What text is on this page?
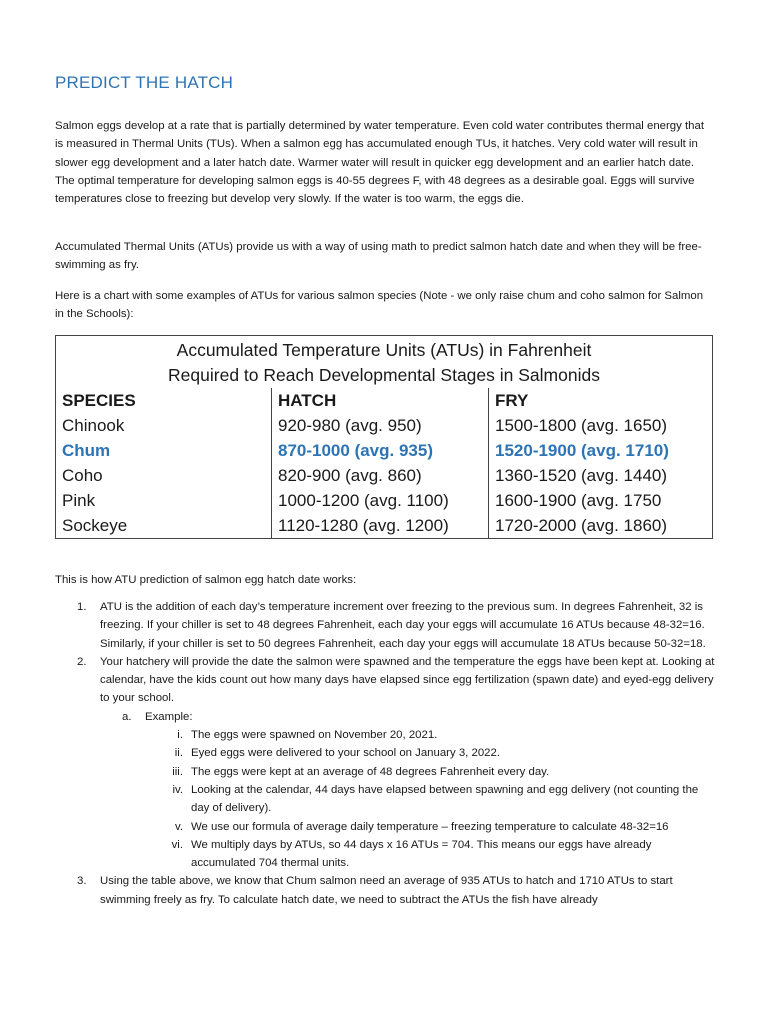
PREDICT THE HATCH

Salmon eggs develop at a rate that is partially determined by water temperature. Even cold water contributes thermal energy that is measured in Thermal Units (TUs). When a salmon egg has accumulated enough TUs, it hatches. Very cold water will result in slower egg development and a later hatch date. Warmer water will result in quicker egg development and an earlier hatch date. The optimal temperature for developing salmon eggs is 40-55 degrees F, with 48 degrees as a desirable goal. Eggs will survive temperatures close to freezing but develop very slowly. If the water is too warm, the eggs die.

Accumulated Thermal Units (ATUs) provide us with a way of using math to predict salmon hatch date and when they will be free-swimming as fry.

Here is a chart with some examples of ATUs for various salmon species (Note - we only raise chum and coho salmon for Salmon in the Schools):

Accumulated Temperature Units (ATUs) in Fahrenheit
Required to Reach Developmental Stages in Salmonids		

SPECIES	HATCH	FRY
Chinook	920-980 (avg. 950)	1500-1800 (avg. 1650)
Chum	870-1000 (avg. 935)	1520-1900 (avg. 1710)
Coho	820-900 (avg. 860)	1360-1520 (avg. 1440)
Pink	1000-1200 (avg. 1100)	1600-1900 (avg. 1750
Sockeye	1120-1280 (avg. 1200)	1720-2000 (avg. 1860)

This is how ATU prediction of salmon egg hatch date works:

1. ATU is the addition of each day’s temperature increment over freezing to the previous sum. In degrees Fahrenheit, 32 is freezing. If your chiller is set to 48 degrees Fahrenheit, each day your eggs will accumulate 16 ATUs because 48-32=16. Similarly, if your chiller is set to 50 degrees Fahrenheit, each day your eggs will accumulate 18 ATUs because 50-32=18.
2. Your hatchery will provide the date the salmon were spawned and the temperature the eggs have been kept at. Looking at calendar, have the kids count out how many days have elapsed since egg fertilization (spawn date) and eyed-egg delivery to your school.
a. Example:
i. The eggs were spawned on November 20, 2021.
ii. Eyed eggs were delivered to your school on January 3, 2022.
iii. The eggs were kept at an average of 48 degrees Fahrenheit every day.
iv. Looking at the calendar, 44 days have elapsed between spawning and egg delivery (not counting the day of delivery).
v. We use our formula of average daily temperature – freezing temperature to calculate 48-32=16
vi. We multiply days by ATUs, so 44 days x 16 ATUs = 704. This means our eggs have already accumulated 704 thermal units.
3. Using the table above, we know that Chum salmon need an average of 935 ATUs to hatch and 1710 ATUs to start swimming freely as fry. To calculate hatch date, we need to subtract the ATUs the fish have already
